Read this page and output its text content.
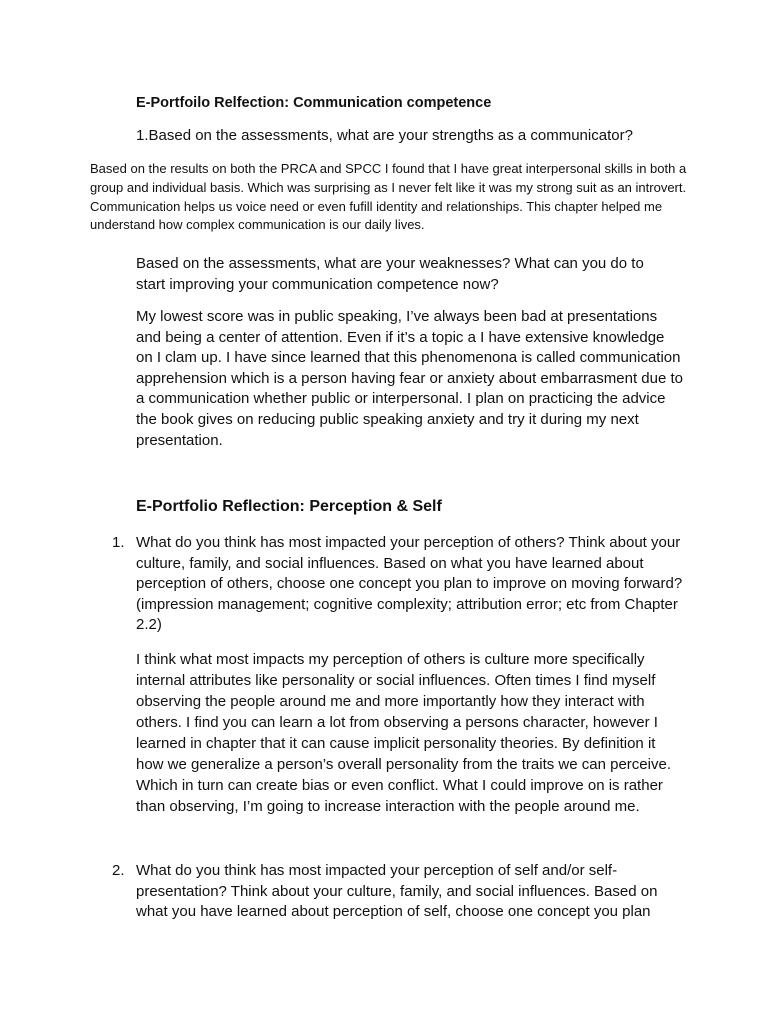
E-Portfoilo Relfection: Communication competence

1.Based on the assessments, what are your strengths as a communicator?

Based on the results on both the PRCA and SPCC I found that I have great interpersonal skills in both a group and individual basis. Which was surprising as I never felt like it was my strong suit as an introvert. Communication helps us voice need or even fufill identity and relationships. This chapter helped me understand how complex communication is our daily lives.

Based on the assessments, what are your weaknesses? What can you do to start improving your communication competence now?

My lowest score was in public speaking, I’ve always been bad at presentations and being a center of attention. Even if it’s a topic a I have extensive knowledge on I clam up. I have since learned that this phenomenona is called communication apprehension which is a person having fear or anxiety about embarrasment due to a communication whether public or interpersonal. I plan on practicing the advice the book gives on reducing public speaking anxiety and try it during my next presentation.

E-Portfolio Reflection: Perception & Self

1. What do you think has most impacted your perception of others? Think about your culture, family, and social influences. Based on what you have learned about perception of others, choose one concept you plan to improve on moving forward? (impression management; cognitive complexity; attribution error; etc from Chapter 2.2)

I think what most impacts my perception of others is culture more specifically internal attributes like personality or social influences. Often times I find myself observing the people around me and more importantly how they interact with others. I find you can learn a lot from observing a persons character, however I learned in chapter that it can cause implicit personality theories. By definition it how we generalize a person’s overall personality from the traits we can perceive. Which in turn can create bias or even conflict. What I could improve on is rather than observing, I’m going to increase interaction with the people around me.

2. What do you think has most impacted your perception of self and/or self-presentation? Think about your culture, family, and social influences. Based on what you have learned about perception of self, choose one concept you plan
